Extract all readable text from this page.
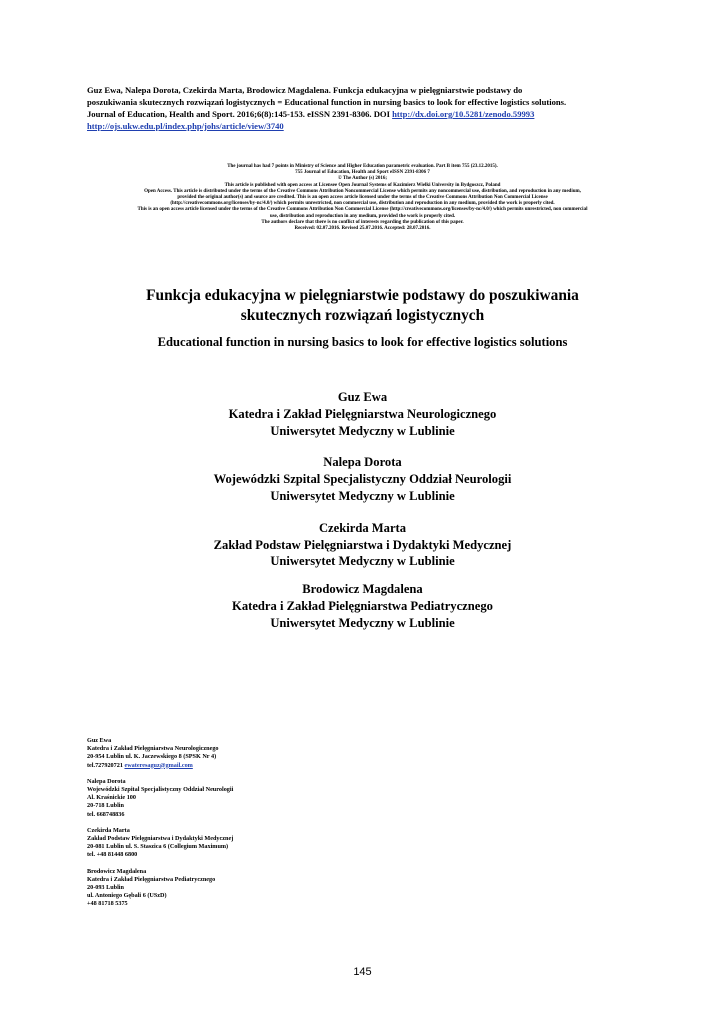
Guz Ewa, Nalepa Dorota, Czekirda Marta, Brodowicz Magdalena. Funkcja edukacyjna w pielęgniarstwie podstawy do
poszukiwania skutecznych rozwiązań logistycznych = Educational function in nursing basics to look for effective logistics solutions.
Journal of Education, Health and Sport. 2016;6(8):145-153. eISSN 2391-8306. DOI http://dx.doi.org/10.5281/zenodo.59993
http://ojs.ukw.edu.pl/index.php/johs/article/view/3740
The journal has had 7 points in Ministry of Science and Higher Education parametric evaluation. Part B item 755 (23.12.2015).
755 Journal of Education, Health and Sport eISSN 2391-8306 7
© The Author (s) 2016;
This article is published with open access at Licensee Open Journal Systems of Kazimierz Wielki University in Bydgoszcz, Poland
Open Access. This article is distributed under the terms of the Creative Commons Attribution Noncommercial License which permits any noncommercial use, distribution, and reproduction in any medium,
provided the original author(s) and source are credited. This is an open access article licensed under the terms of the Creative Commons Attribution Non Commercial License
(http://creativecommons.org/licenses/by-nc/4.0/) which permits unrestricted, non commercial use, distribution and reproduction in any medium, provided the work is properly cited.
This is an open access article licensed under the terms of the Creative Commons Attribution Non Commercial License (http://creativecommons.org/licenses/by-nc/4.0/) which permits unrestricted, non commercial
use, distribution and reproduction in any medium, provided the work is properly cited.
The authors declare that there is no conflict of interests regarding the publication of this paper.
Received: 02.07.2016. Revised 25.07.2016. Accepted: 28.07.2016.
Funkcja edukacyjna w pielęgniarstwie podstawy do poszukiwania
skutecznych rozwiązań logistycznych
Educational function in nursing basics to look for effective logistics solutions
Guz Ewa
Katedra i Zakład Pielęgniarstwa Neurologicznego
Uniwersytet Medyczny w Lublinie
Nalepa Dorota
Wojewódzki Szpital Specjalistyczny Oddział Neurologii
Uniwersytet Medyczny w Lublinie
Czekirda Marta
Zakład Podstaw Pielęgniarstwa i Dydaktyki Medycznej
Uniwersytet Medyczny w Lublinie
Brodowicz Magdalena
Katedra i Zakład Pielęgniarstwa Pediatrycznego
Uniwersytet Medyczny w Lublinie
Guz Ewa
Katedra i Zakład Pielęgniarstwa Neurologicznego
20-954 Lublin ul. K. Jaczewskiego 8 (SPSK Nr 4)
tel.727920721 ewateresaguz@gmail.com
Nalepa Dorota
Wojewódzki Szpital Specjalistyczny Oddział Neurologii
Al. Kraśnickie 100
20-718 Lublin
tel. 668748836
Czekirda Marta
Zakład Podstaw Pielęgniarstwa i Dydaktyki Medycznej
20-081 Lublin ul. S. Staszica 6 (Collegium Maximum)
tel. +48 81448 6800
Brodowicz Magdalena
Katedra i Zakład Pielęgniarstwa Pediatrycznego
20-093 Lublin
ul. Antoniego Gębali 6 (USzD)
+48 81718 5375
145
